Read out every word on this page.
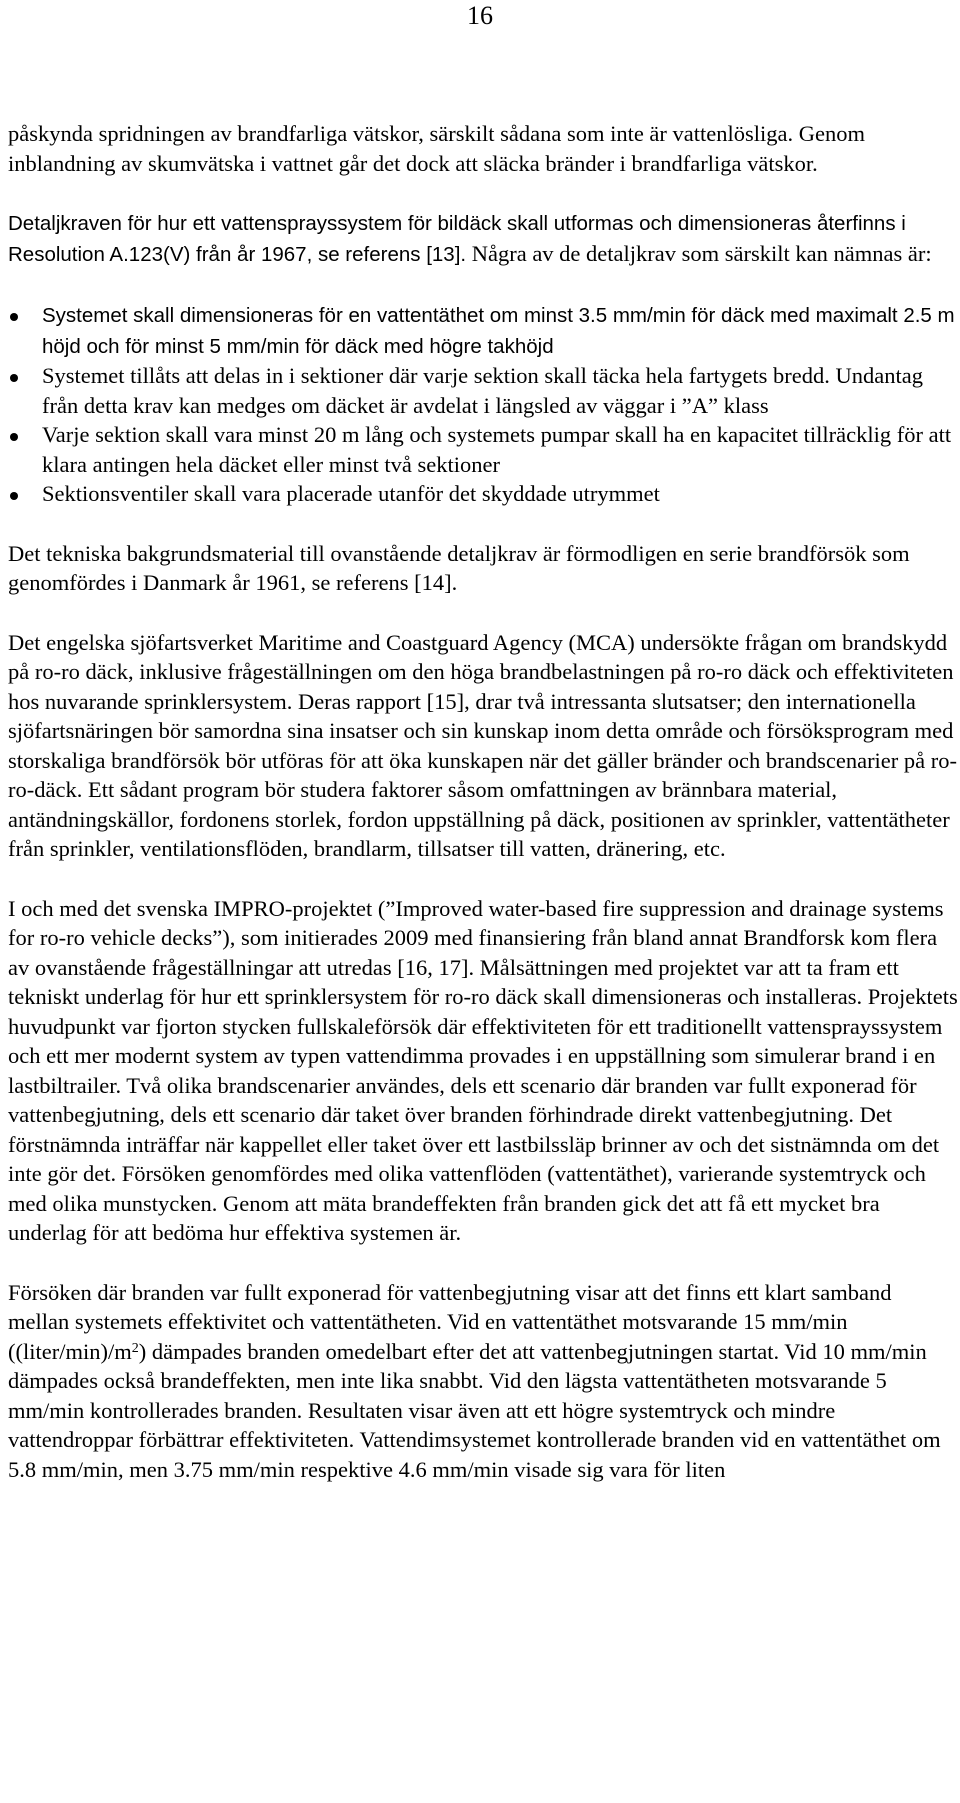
16

påskynda spridningen av brandfarliga vätskor, särskilt sådana som inte är vattenlösliga. Genom inblandning av skumvätska i vattnet går det dock att släcka bränder i brandfarliga vätskor.

Detaljkraven för hur ett vattensprayssystem för bildäck skall utformas och dimensioneras återfinns i Resolution A.123(V) från år 1967, se referens [13]. Några av de detaljkrav som särskilt kan nämnas är:

Systemet skall dimensioneras för en vattentäthet om minst 3.5 mm/min för däck med maximalt 2.5 m höjd och för minst 5 mm/min för däck med högre takhöjd
Systemet tillåts att delas in i sektioner där varje sektion skall täcka hela fartygets bredd. Undantag från detta krav kan medges om däcket är avdelat i längsled av väggar i ”A” klass
Varje sektion skall vara minst 20 m lång och systemets pumpar skall ha en kapacitet tillräcklig för att klara antingen hela däcket eller minst två sektioner
Sektionsventiler skall vara placerade utanför det skyddade utrymmet

Det tekniska bakgrundsmaterial till ovanstående detaljkrav är förmodligen en serie brandförsök som genomfördes i Danmark år 1961, se referens [14].

Det engelska sjöfartsverket Maritime and Coastguard Agency (MCA) undersökte frågan om brandskydd på ro-ro däck, inklusive frågeställningen om den höga brandbelastningen på ro-ro däck och effektiviteten hos nuvarande sprinklersystem. Deras rapport [15], drar två intressanta slutsatser; den internationella sjöfartsnäringen bör samordna sina insatser och sin kunskap inom detta område och försöksprogram med storskaliga brandförsök bör utföras för att öka kunskapen när det gäller bränder och brandscenarier på ro-ro-däck. Ett sådant program bör studera faktorer såsom omfattningen av brännbara material, antändningskällor, fordonens storlek, fordon uppställning på däck, positionen av sprinkler, vattentätheter från sprinkler, ventilationsflöden, brandlarm, tillsatser till vatten, dränering, etc.

I och med det svenska IMPRO-projektet (”Improved water-based fire suppression and drainage systems for ro-ro vehicle decks”), som initierades 2009 med finansiering från bland annat Brandforsk kom flera av ovanstående frågeställningar att utredas [16, 17]. Målsättningen med projektet var att ta fram ett tekniskt underlag för hur ett sprinklersystem för ro-ro däck skall dimensioneras och installeras. Projektets huvudpunkt var fjorton stycken fullskaleförsök där effektiviteten för ett traditionellt vattensprayssystem och ett mer modernt system av typen vattendimma provades i en uppställning som simulerar brand i en lastbiltrailer. Två olika brandscenarier användes, dels ett scenario där branden var fullt exponerad för vattenbegjutning, dels ett scenario där taket över branden förhindrade direkt vattenbegjutning. Det förstnämnda inträffar när kappellet eller taket över ett lastbilssläp brinner av och det sistnämnda om det inte gör det. Försöken genomfördes med olika vattenflöden (vattentäthet), varierande systemtryck och med olika munstycken. Genom att mäta brandeffekten från branden gick det att få ett mycket bra underlag för att bedöma hur effektiva systemen är.

Försöken där branden var fullt exponerad för vattenbegjutning visar att det finns ett klart samband mellan systemets effektivitet och vattentätheten. Vid en vattentäthet motsvarande 15 mm/min $((liter/\min)/m^2)$ dämpades branden omedelbart efter det att vattenbegjutningen startat. Vid 10 mm/min dämpades också brandeffekten, men inte lika snabbt. Vid den lägsta vattentätheten motsvarande 5 mm/min kontrollerades branden. Resultaten visar även att ett högre systemtryck och mindre vattendroppar förbättrar effektiviteten. Vattendimsystemet kontrollerade branden vid en vattentäthet om 5.8 mm/min, men 3.75 mm/min respektive 4.6 mm/min visade sig vara för liten
